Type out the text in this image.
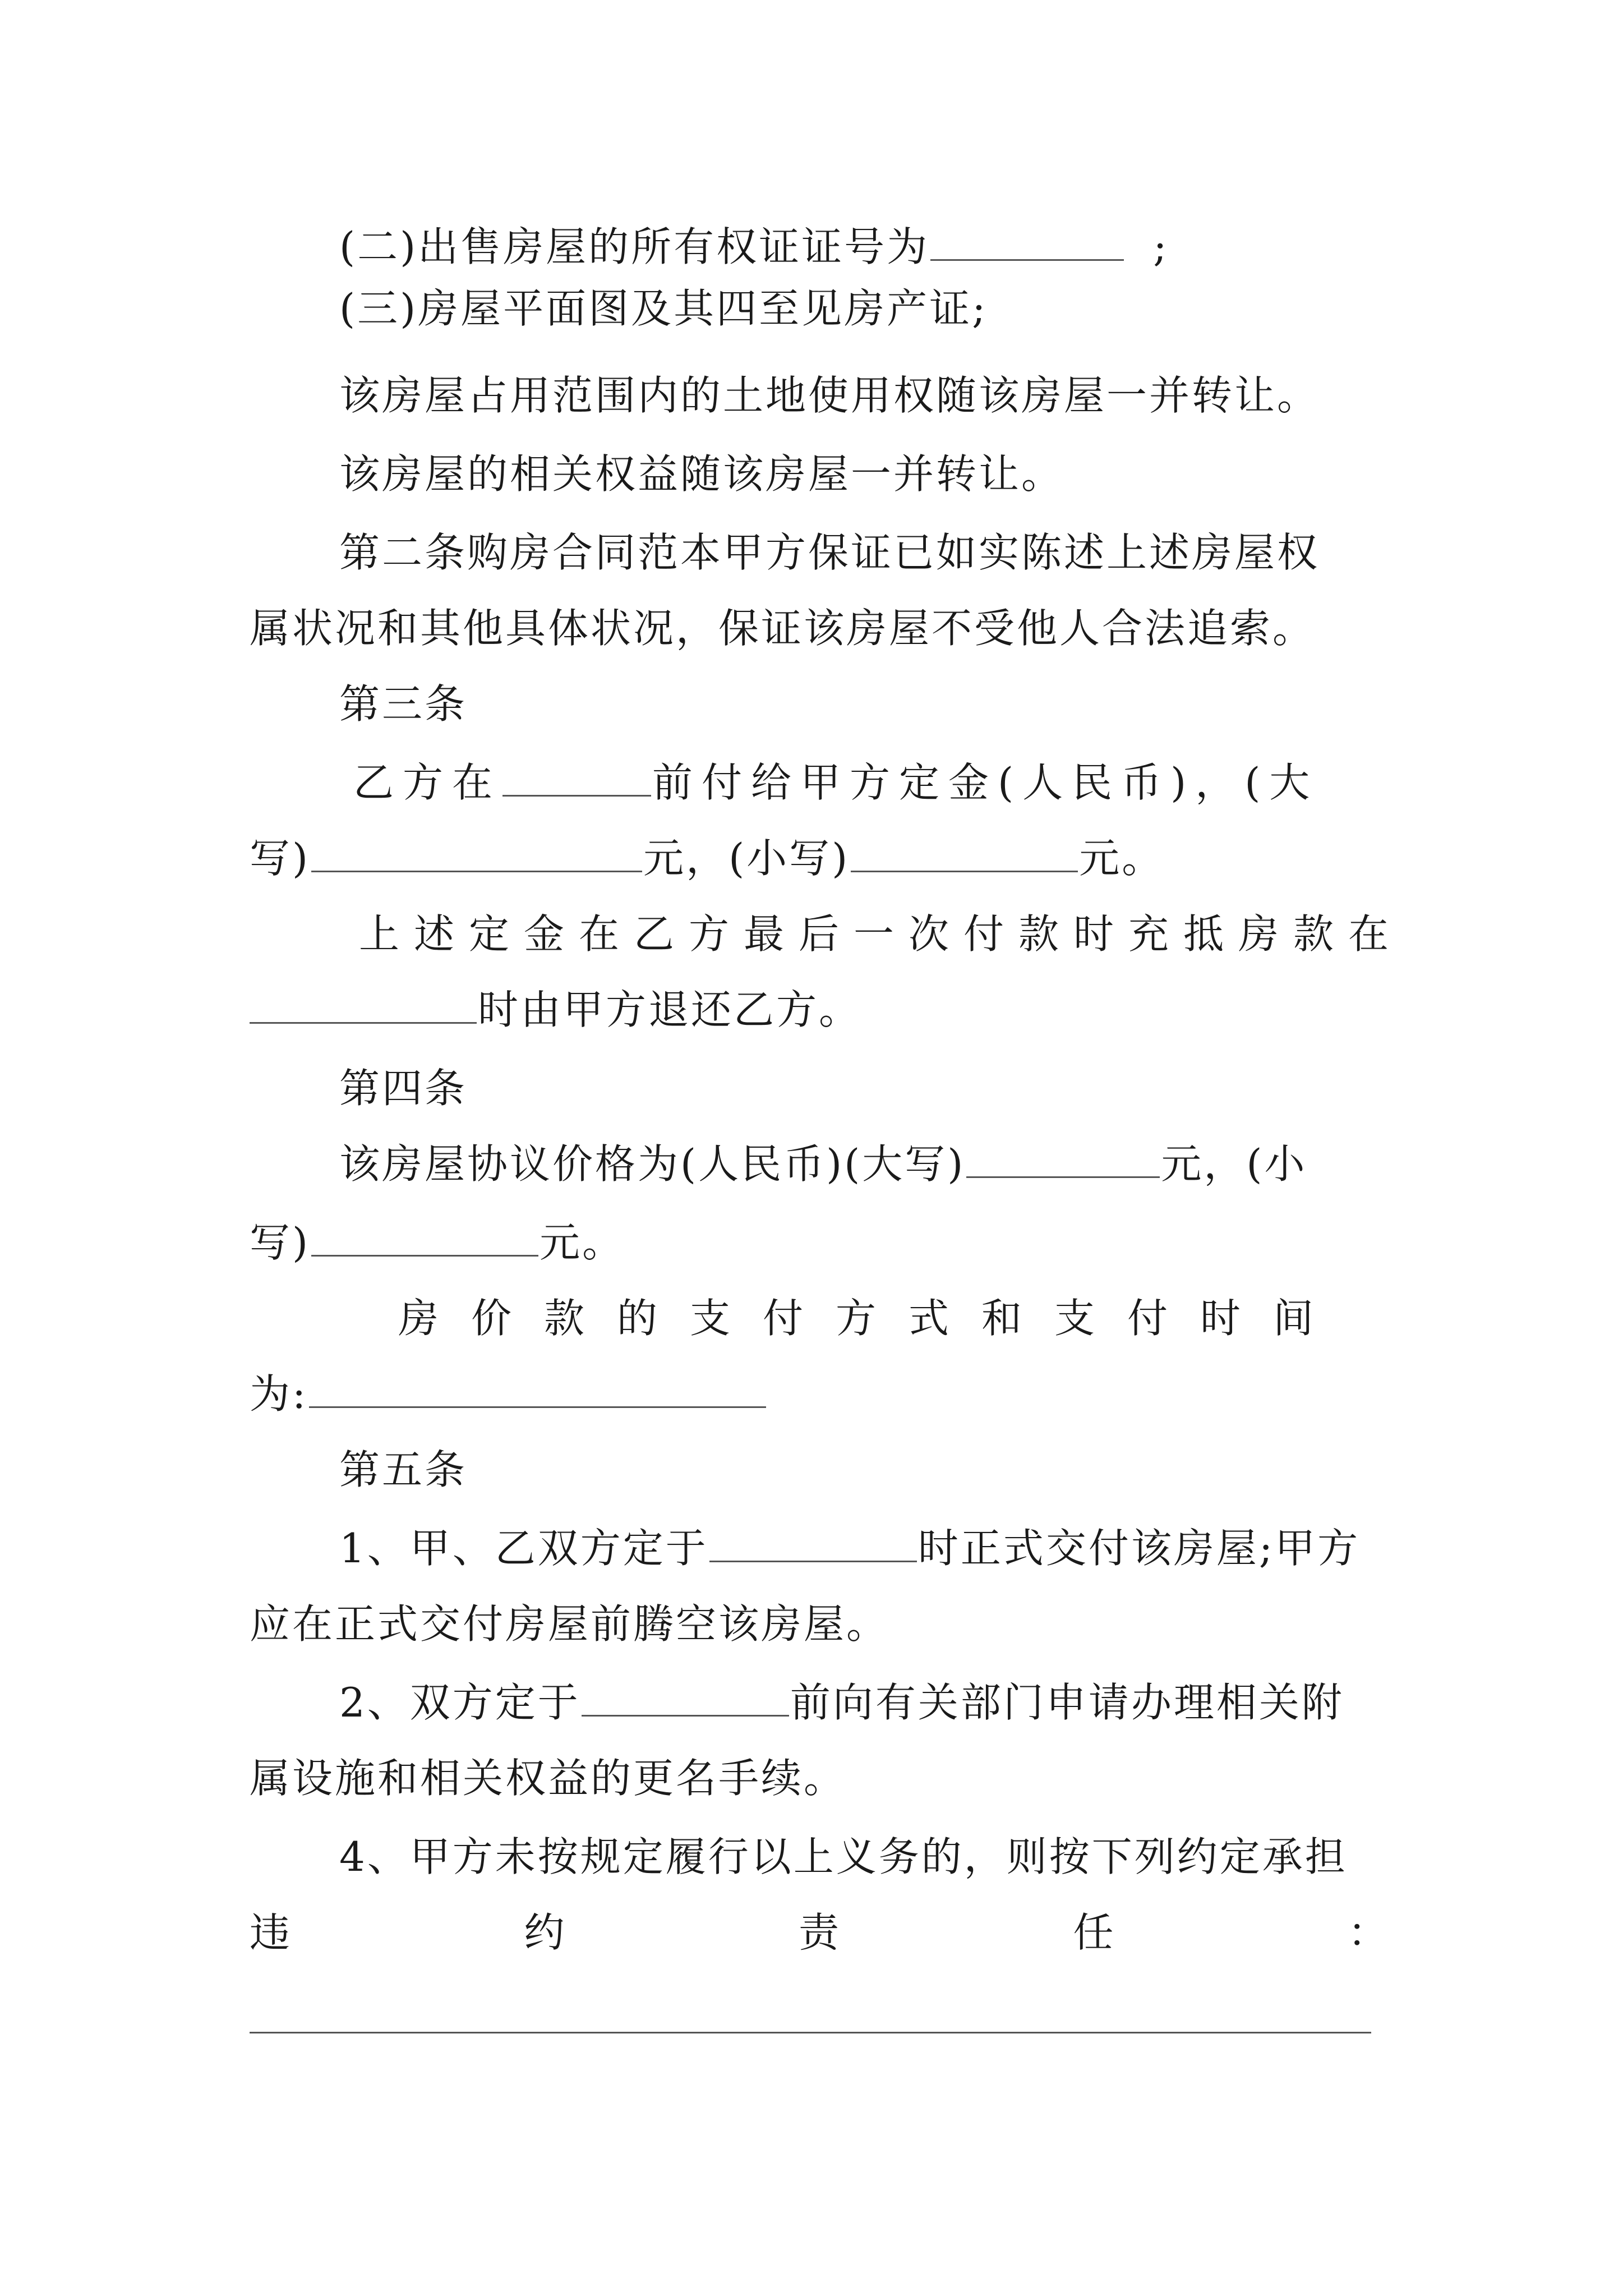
(二)出售房屋的所有权证证号为	;
(三)房屋平面图及其四至见房产证;
该房屋占用范围内的土地使用权随该房屋一并转让。
该房屋的相关权益随该房屋一并转让。
第二条购房合同范本甲方保证已如实陈述上述房屋权
属状况和其他具体状况，保证该房屋不受他人合法追索。
第三条
乙方在	前付给甲方定金(人民币)，(大
写)	元，(小写)	元。
上述定金在乙方最后一次付款时充抵房款在
时由甲方退还乙方。
第四条
该房屋协议价格为(人民币)(大写)	元，(小
写)	元。
房价款的支付方式和支付时间
为:
第五条
1、甲、乙双方定于	时正式交付该房屋;甲方
应在正式交付房屋前腾空该房屋。
2、双方定于	前向有关部门申请办理相关附
属设施和相关权益的更名手续。
4、甲方未按规定履行以上义务的，则按下列约定承担
违	约	责	任	：
